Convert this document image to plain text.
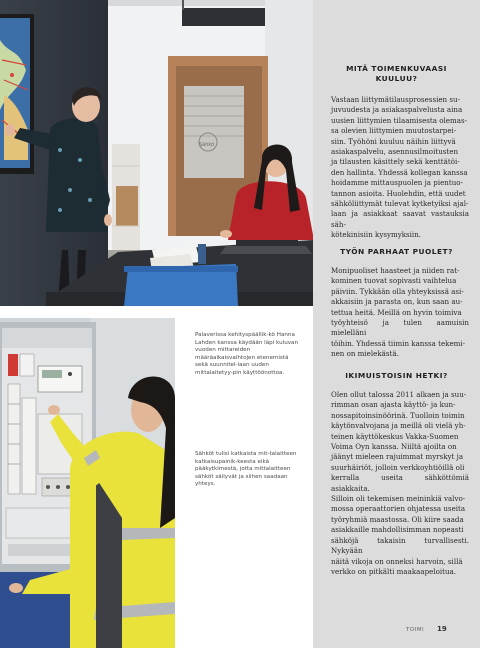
Sähkö
Palaverissa kehityspäällik-kö Hanna Lahden kanssa käydään läpi kuluvan vuoden mittareiden määräaikaisvaihtojen etenemistä sekä suunnitel-laan uuden mittalaitetyy-pin käyttöönottoa.
Sähköt tulisi katkaista mit-talaitteen katkaisupainik-keesta eikä pääkytkimestä, jotta mittalaitteen sähköt säilyvät ja siihen saadaan yhteys.
MITÄ TOIMENKUVAASI
KUULUU?
Vastaan liittymätilausprosessien su-
juvuudesta ja asiakaspalvelusta aina
uusien liittymien tilaamisesta olemas-
sa olevien liittymien muutostarpei-
siin. Työhöni kuuluu näihin liittyvä
asiakaspalvelu, asennusilmoitusten
ja tilausten käsittely sekä kenttätöi-
den hallinta. Yhdessä kollegan kanssa
hoidamme mittauspuolen ja pientuo-
tannon asioita. Huolehdin, että uudet
sähköliittymät tulevat kytketyiksi ajal-
laan ja asiakkaat saavat vastauksia säh-
kötekinisiin kysymyksiin.
TYÖN PARHAAT PUOLET?
Monipuoliset haasteet ja niiden rat-
kominen tuovat sopivasti vaihtelua
päiviin. Tykkään olla yhteyksissä asi-
akkaisiin ja parasta on, kun saan au-
tettua heitä. Meillä on hyvin toimiva
työyhteisö ja tulen aamuisin mielelläni
töihin. Yhdessä tiimin kanssa tekemi-
nen on mielekästä.
IKIMUISTOISIN HETKI?
Olen ollut talossa 2011 alkaen ja suu-
rimman osan ajasta käyttö- ja kun-
nossapitoinsinöörinä. Tuolloin toimin
käytönvalvojana ja meillä oli vielä yh-
teinen käyttökeskus Vakka-Suomen
Voima Oyn kanssa. Niiltä ajoilta on
jäänyt mieleen rajuimmat myrskyt ja
suurhäiriöt, jolloin verkkoyhtiöillä oli
kerralla useita sähköttömiä asiakkaita.
Silloin oli tekemisen meininkiä valvo-
mossa operaattorien ohjatessa useita
työryhmiä maastossa. Oli kiire saada
asiakkaille mahdollisimman nopeasti
sähköjä takaisin turvallisesti. Nykyään
näitä vikoja on onneksi harvoin, sillä
verkko on pitkälti maakaapeloitua.
TOIMI 19
